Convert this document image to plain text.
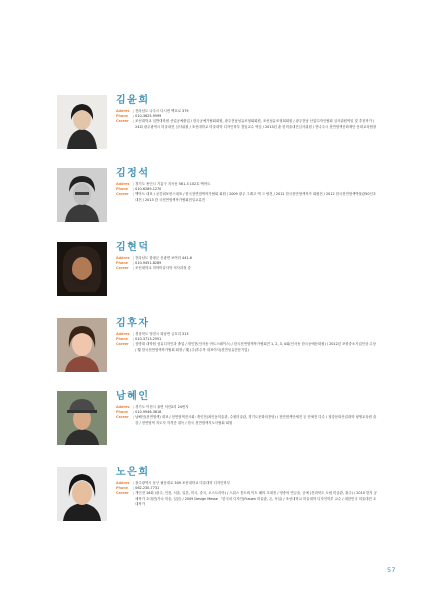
김윤희
Addres	| 전라남도 나주시 다시면 백호로 379
Phone	| 010-3625-9599
Career	| 조선대학교 일반대학원 산업공예졸업 / 한국공예가협회회원, 광주전남섬유조형회회원, 조선섬유조형회회원 / 광주전남 산업디자인협회 심사위원역임 및 추천작가 / 24회 광주광역시 미술대전 심사위원 / 조선대학교 미술대학 디자인학부 겸임교수 역임 / 2013년 춘 한미술대전심사위원 / 현나주시 천연염색문화재단 문화교육팀장
김정석
Addres	| 경기도 용인시 기흥구 지곡동 561-3 102호 맥아트
Phone	| 010-6289-1270
Career	| 맥아트 대표 / 공간퍼포먼스대표 / 한국천연염색작가협회 회원 / 2009 광주 그레고 엑 그 랑전 / 2012 한국천연염색작가 회원전 / 2012 한국천연염색박물관50인초대전 / 2013 한 국천연염색작가협회천일교류전
김현덕
Addres	| 전라남도 함평군 신광면 보여리 441-6
Phone	| 010-9451-8289
Career	| 조선대학교 미학미술사학 석사과정 중
김후자
Addres	| 경상북도 영천시 화남면 금호리 313
Phone	| 010-3713-2551
Career	| 상명대 대학원 섬유디자인과 졸업 / 개인전(인사동 아트스페이스) / 한국천연염색작가협회전 1, 2, 3, 4회(인사동 한국공예문화원) / 2012년 포항중소기업인상 수상 / 現 한국천연염색작가협회 회장 / 現 (주)후수목 대표이사(천연섬유전문기업)
남혜인
Addres	| 경기도 이천시 율면 석산2리 24번지
Phone	| 010-9946-3618
Career	| 남해인(천연염색) 대표 / 천연염색전시회: 개인전(최인동미술관, 수원미술관, 경기도문화의전당) / 천연염색단체전 등 단체전 다수 / 청강문화산업대학 평생교육원 출강 / 천연염색 지도사 자격증 취득 / 한국 천연염색지도사협회 회원
노은희
Addres	| 광주광역시 동구 필문대로 309 조선대학교 미술대학 디자인학부
Phone	| 062-230-7731
Career	| 개인전 16회 (광주, 인천, 서울, 일본, 미국, 중국, 오스트리아) / 스위스 몽트뢰 이트 페어 초대전 / 영종의 연금술, 공예 (전라북도 도립 미술관, 광주) / 2010 한지 공예작가 초대전(가나 미술, 일본) / 2009 Design Messe 「한국의 디자인(Frauen 미술관, 존, 독일) / 조선대학교 미술대학 디자인학부 교수 / 대한민국 미술대전 초대작가
57
